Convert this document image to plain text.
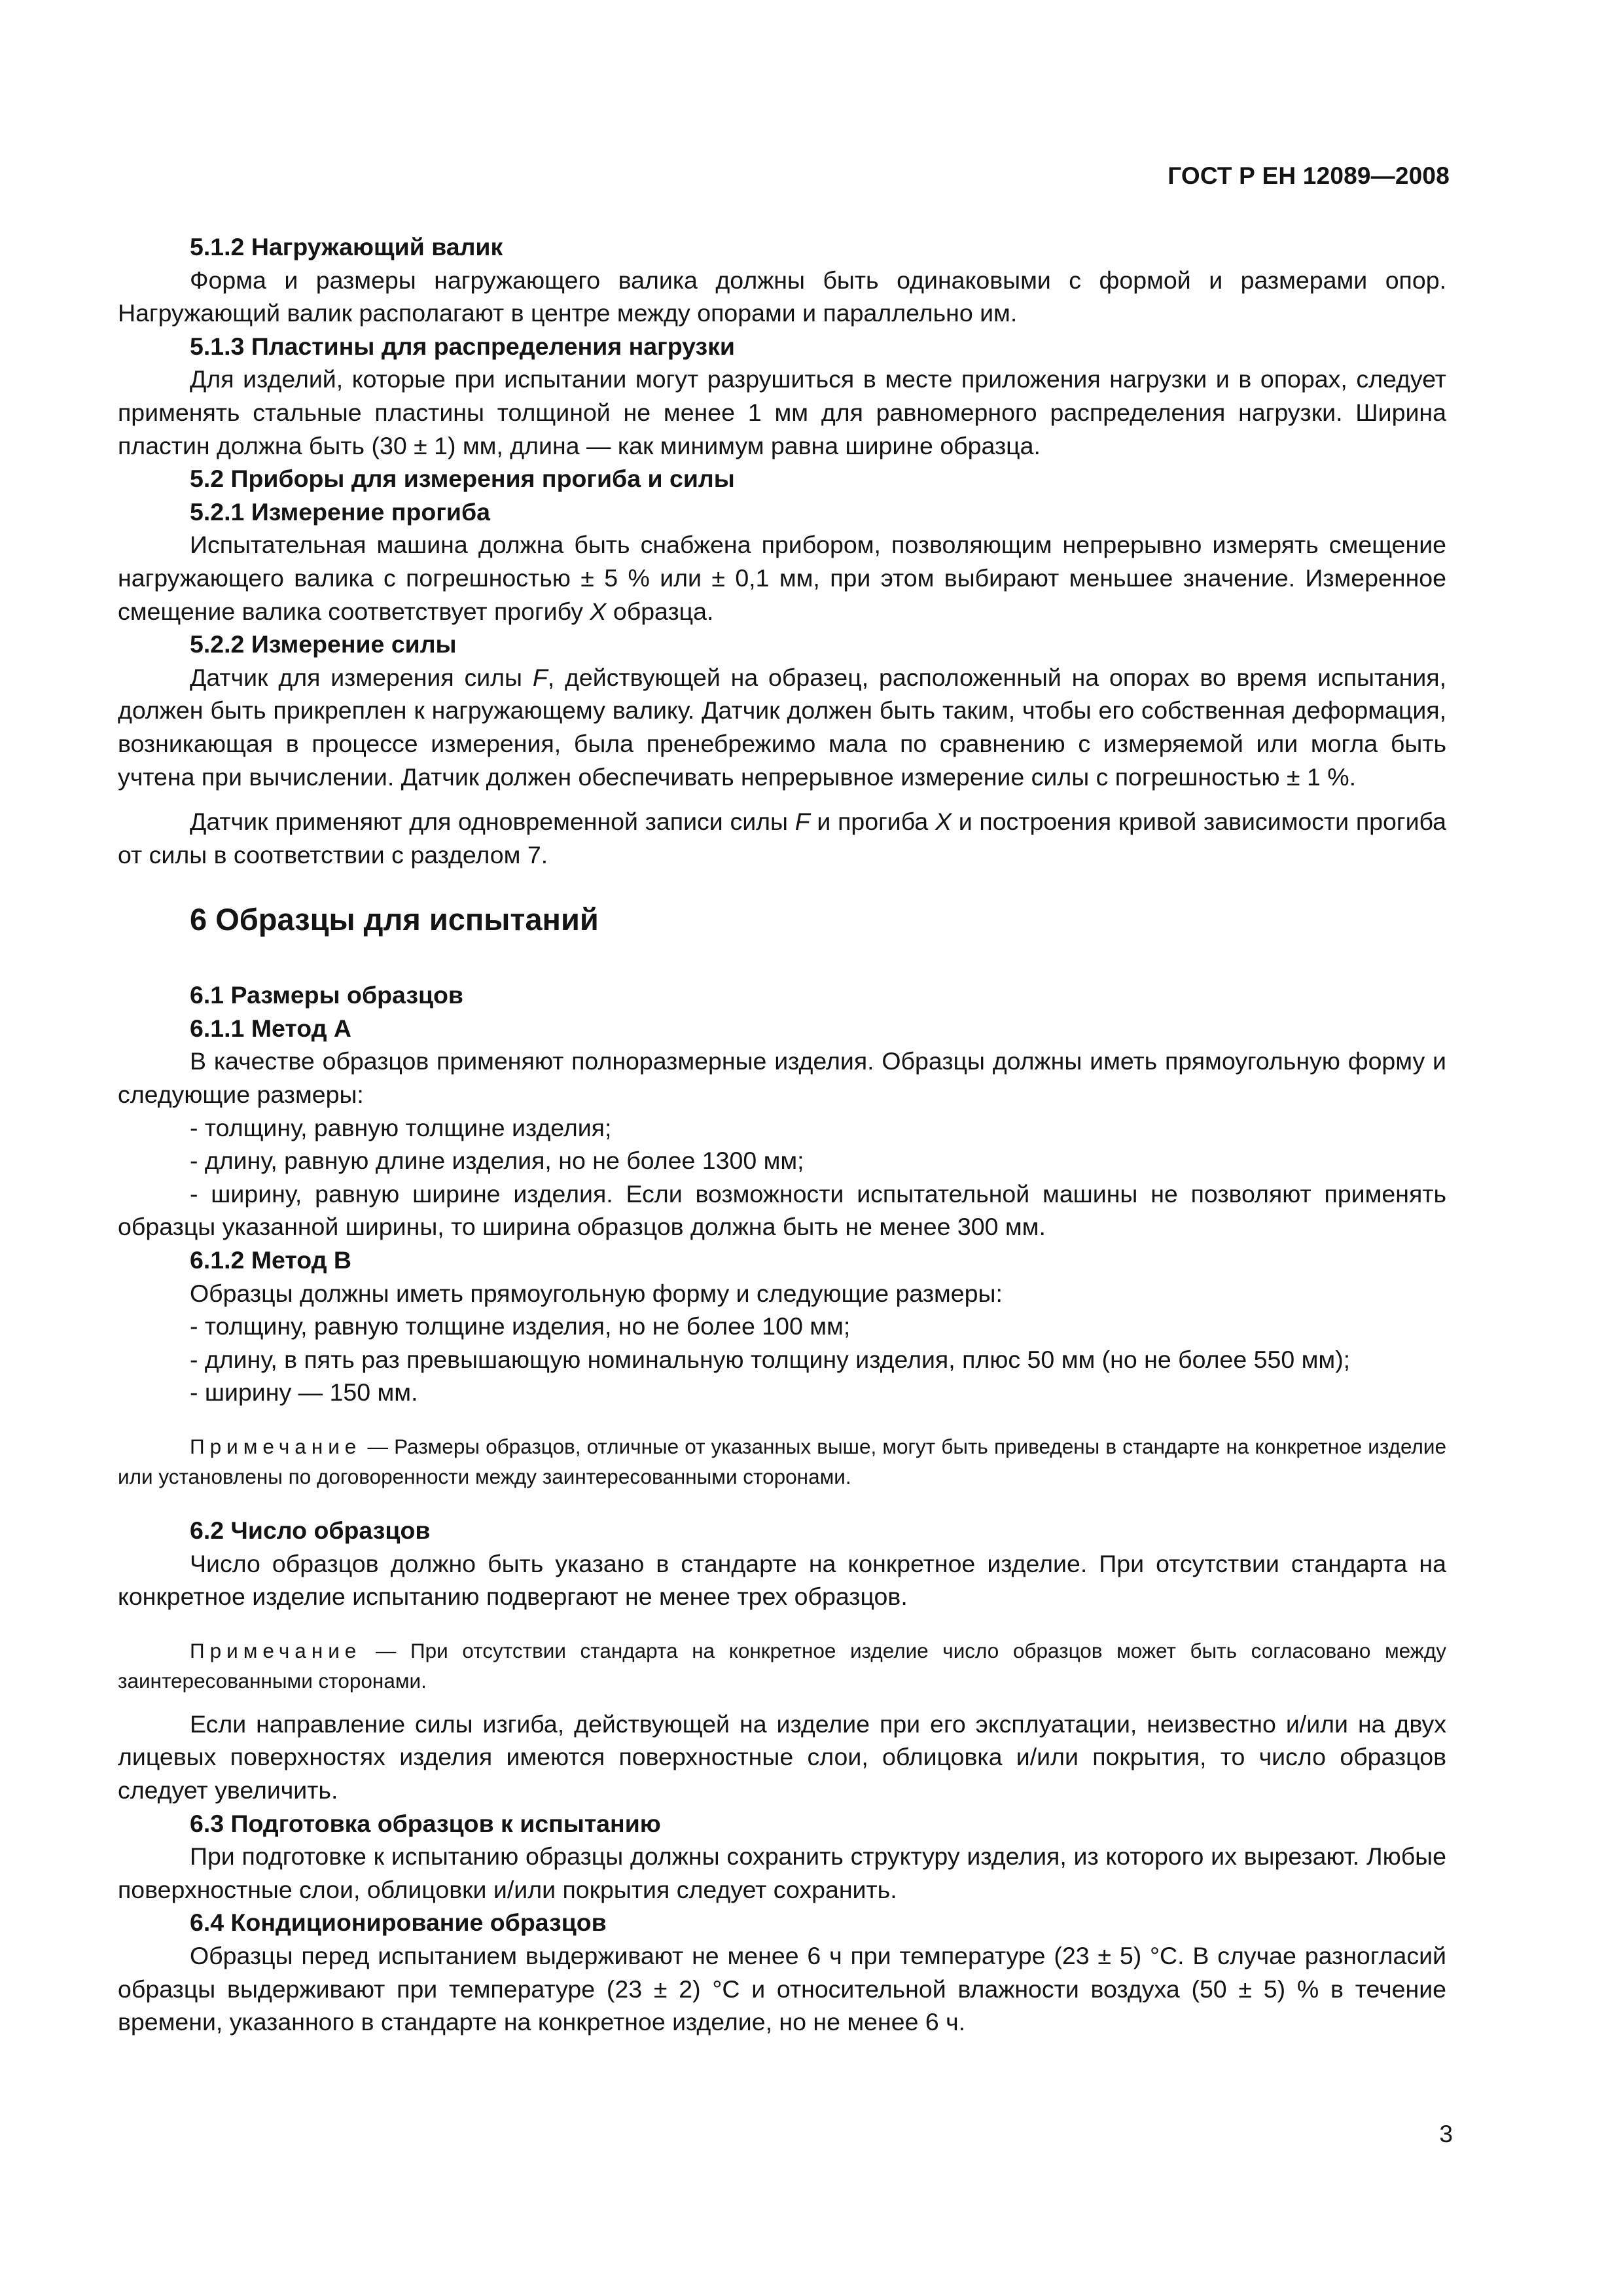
ГОСТ Р ЕН 12089—2008

5.1.2 Нагружающий валик

Форма и размеры нагружающего валика должны быть одинаковыми с формой и размерами опор. Нагружающий валик располагают в центре между опорами и параллельно им.

5.1.3 Пластины для распределения нагрузки

Для изделий, которые при испытании могут разрушиться в месте приложения нагрузки и в опорах, следует применять стальные пластины толщиной не менее 1 мм для равномерного распределения нагрузки. Ширина пластин должна быть (30 ± 1) мм, длина — как минимум равна ширине образца.

5.2 Приборы для измерения прогиба и силы

5.2.1 Измерение прогиба

Испытательная машина должна быть снабжена прибором, позволяющим непрерывно измерять смещение нагружающего валика с погрешностью ± 5 % или ± 0,1 мм, при этом выбирают меньшее значение. Измеренное смещение валика соответствует прогибу X образца.

5.2.2 Измерение силы

Датчик для измерения силы F, действующей на образец, расположенный на опорах во время испытания, должен быть прикреплен к нагружающему валику. Датчик должен быть таким, чтобы его собственная деформация, возникающая в процессе измерения, была пренебрежимо мала по сравнению с измеряемой или могла быть учтена при вычислении. Датчик должен обеспечивать непрерывное измерение силы с погрешностью ± 1 %.

Датчик применяют для одновременной записи силы F и прогиба X и построения кривой зависимости прогиба от силы в соответствии с разделом 7.

6 Образцы для испытаний

6.1 Размеры образцов

6.1.1 Метод А

В качестве образцов применяют полноразмерные изделия. Образцы должны иметь прямоугольную форму и следующие размеры:

- толщину, равную толщине изделия;

- длину, равную длине изделия, но не более 1300 мм;

- ширину, равную ширине изделия. Если возможности испытательной машины не позволяют применять образцы указанной ширины, то ширина образцов должна быть не менее 300 мм.

6.1.2 Метод В

Образцы должны иметь прямоугольную форму и следующие размеры:

- толщину, равную толщине изделия, но не более 100 мм;

- длину, в пять раз превышающую номинальную толщину изделия, плюс 50 мм (но не более 550 мм);

- ширину — 150 мм.

Примечание — Размеры образцов, отличные от указанных выше, могут быть приведены в стандарте на конкретное изделие или установлены по договоренности между заинтересованными сторонами.

6.2 Число образцов

Число образцов должно быть указано в стандарте на конкретное изделие. При отсутствии стандарта на конкретное изделие испытанию подвергают не менее трех образцов.

Примечание — При отсутствии стандарта на конкретное изделие число образцов может быть согласовано между заинтересованными сторонами.

Если направление силы изгиба, действующей на изделие при его эксплуатации, неизвестно и/или на двух лицевых поверхностях изделия имеются поверхностные слои, облицовка и/или покрытия, то число образцов следует увеличить.

6.3 Подготовка образцов к испытанию

При подготовке к испытанию образцы должны сохранить структуру изделия, из которого их вырезают. Любые поверхностные слои, облицовки и/или покрытия следует сохранить.

6.4 Кондиционирование образцов

Образцы перед испытанием выдерживают не менее 6 ч при температуре (23 ± 5) °С. В случае разногласий образцы выдерживают при температуре (23 ± 2) °С и относительной влажности воздуха (50 ± 5) % в течение времени, указанного в стандарте на конкретное изделие, но не менее 6 ч.

3
